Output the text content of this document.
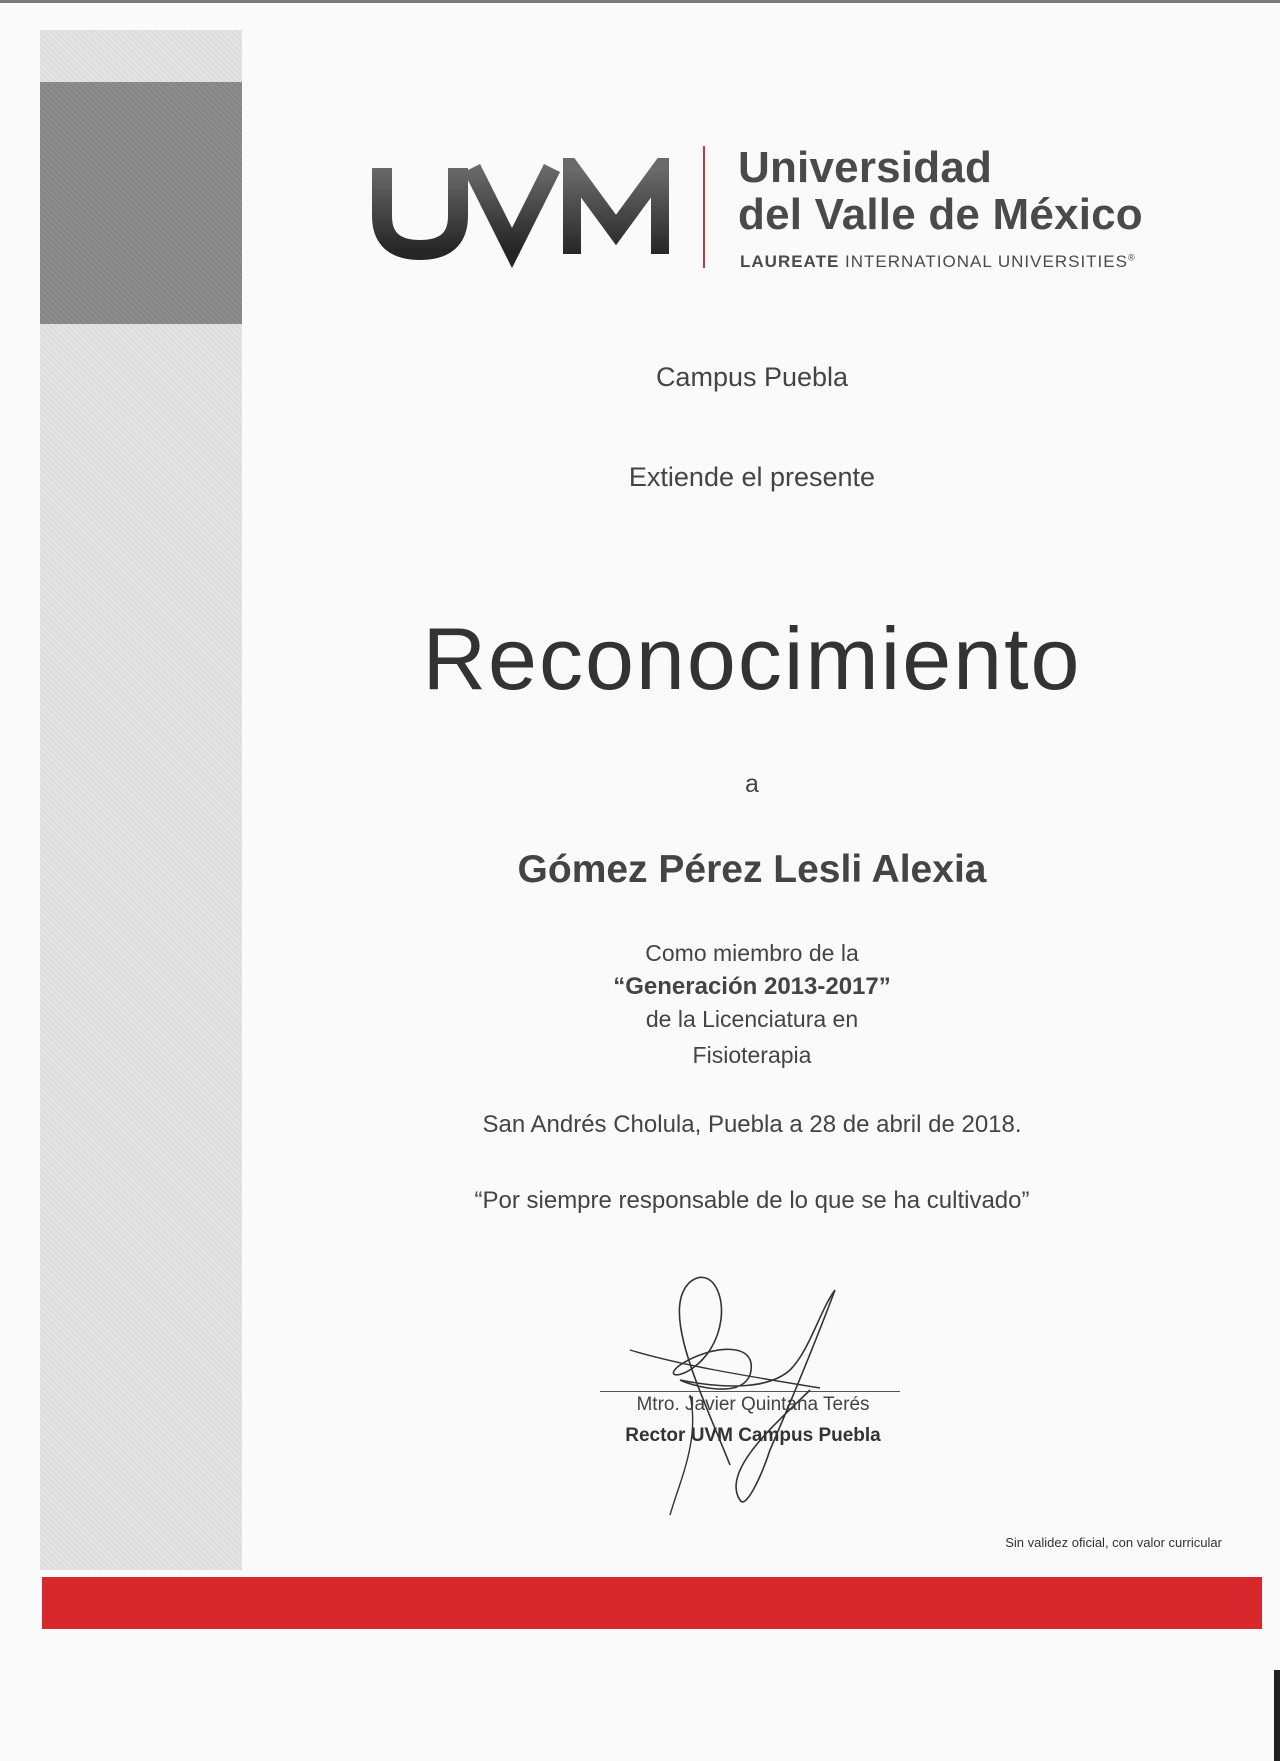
Universidad
del Valle de México
LAUREATE INTERNATIONAL UNIVERSITIES®
Campus Puebla
Extiende el presente
Reconocimiento
a
Gómez Pérez Lesli Alexia
Como miembro de la
“Generación 2013-2017”
de la Licenciatura en
Fisioterapia
San Andrés Cholula, Puebla a 28 de abril de 2018.
“Por siempre responsable de lo que se ha cultivado”
Mtro. Javier Quintana Terés
Rector UVM Campus Puebla
Sin validez oficial, con valor curricular
